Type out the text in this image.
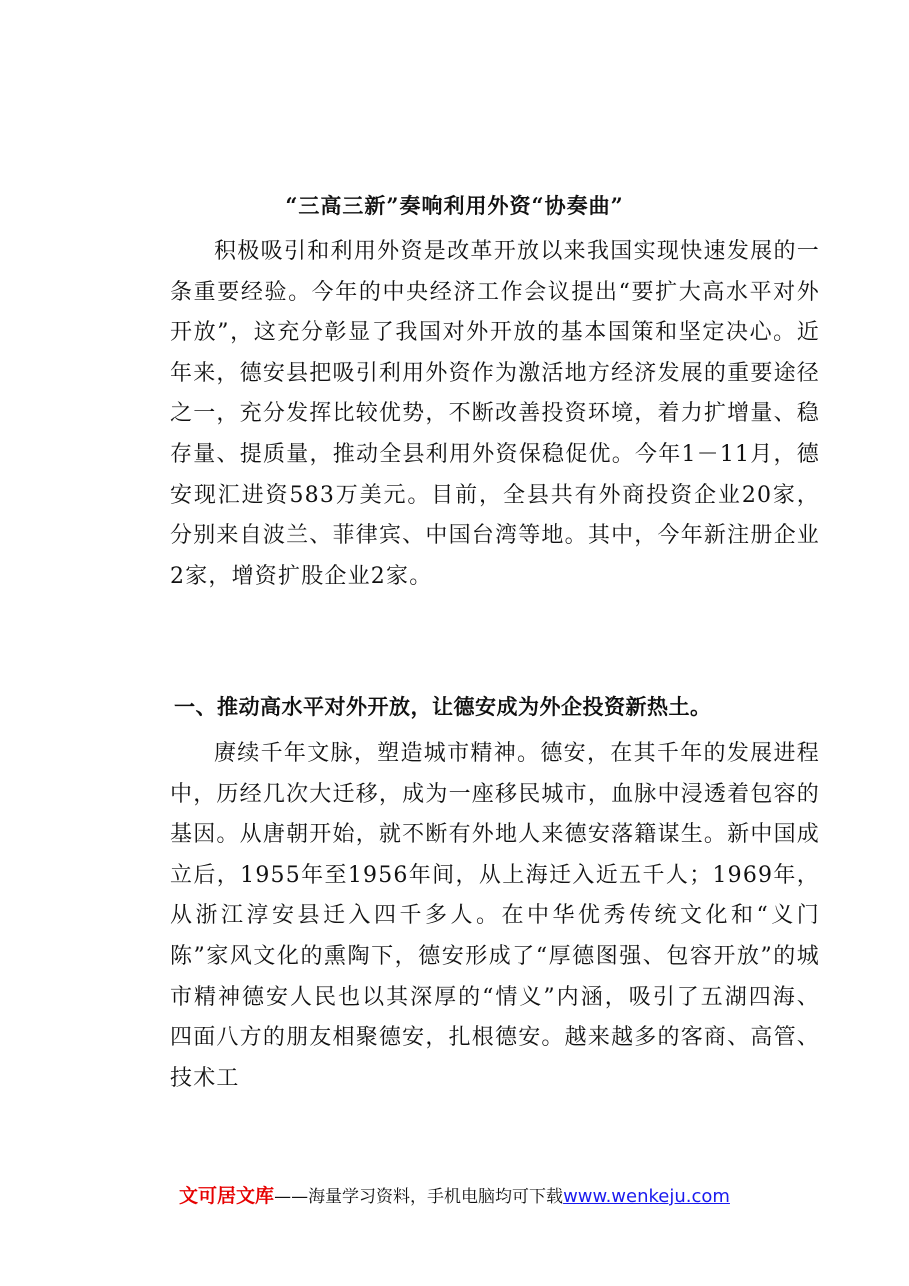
“三高三新”奏响利用外资“协奏曲”

积极吸引和利用外资是改革开放以来我国实现快速发展的一条重要经验。今年的中央经济工作会议提出“要扩大高水平对外开放”，这充分彰显了我国对外开放的基本国策和坚定决心。近年来，德安县把吸引利用外资作为激活地方经济发展的重要途径之一，充分发挥比较优势，不断改善投资环境，着力扩增量、稳存量、提质量，推动全县利用外资保稳促优。今年1－11月，德安现汇进资583万美元。目前，全县共有外商投资企业20家，分别来自波兰、菲律宾、中国台湾等地。其中，今年新注册企业2家，增资扩股企业2家。

一、推动高水平对外开放，让德安成为外企投资新热土。

赓续千年文脉，塑造城市精神。德安，在其千年的发展进程中，历经几次大迁移，成为一座移民城市，血脉中浸透着包容的基因。从唐朝开始，就不断有外地人来德安落籍谋生。新中国成立后，1955年至1956年间，从上海迁入近五千人；1969年，从浙江淳安县迁入四千多人。在中华优秀传统文化和“义门陈”家风文化的熏陶下，德安形成了“厚德图强、包容开放”的城市精神德安人民也以其深厚的“情义”内涵，吸引了五湖四海、四面八方的朋友相聚德安，扎根德安。越来越多的客商、高管、技术工

文可居文库——海量学习资料，手机电脑均可下载www.wenkeju.com
